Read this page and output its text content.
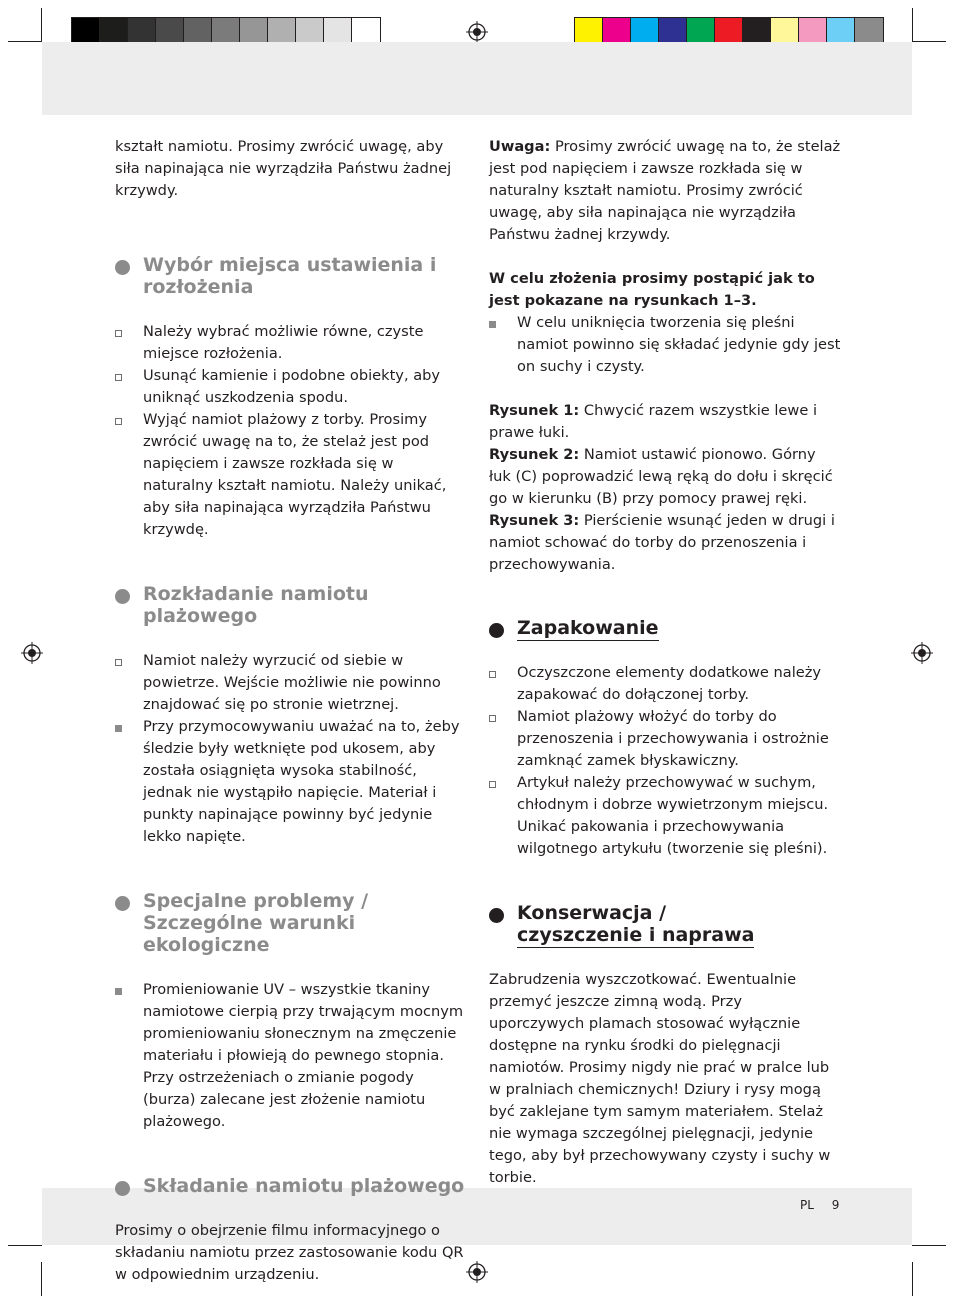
kształt namiotu. Prosimy zwrócić uwagę, aby siła napinająca nie wyrządziła Państwu żadnej krzywdy.

Wybór miejsca ustawienia i rozłożenia
Należy wybrać możliwie równe, czyste miejsce rozłożenia.
Usunąć kamienie i podobne obiekty, aby uniknąć uszkodzenia spodu.
Wyjąć namiot plażowy z torby. Prosimy zwrócić uwagę na to, że stelaż jest pod napięciem i zawsze rozkłada się w naturalny kształt namiotu. Należy unikać, aby siła napinająca wyrządziła Państwu krzywdę.
Rozkładanie namiotu
plażowego
Namiot należy wyrzucić od siebie w powietrze. Wejście możliwie nie powinno znajdować się po stronie wietrznej.
Przy przymocowywaniu uważać na to, żeby śledzie były wetknięte pod ukosem, aby została osiągnięta wysoka stabilność, jednak nie wystąpiło napięcie. Materiał i punkty napinające powinny być jedynie lekko napięte.
Specjalne problemy /
Szczególne warunki ekologiczne
Promieniowanie UV – wszystkie tkaniny namiotowe cierpią przy trwającym mocnym promieniowaniu słonecznym na zmęczenie materiału i płowieją do pewnego stopnia. Przy ostrzeżeniach o zmianie pogody (burza) zalecane jest złożenie namiotu plażowego.
Składanie namiotu plażowego

Prosimy o obejrzenie filmu informacyjnego o składaniu namiotu przez zastosowanie kodu QR w odpowiednim urządzeniu.

Uwaga: Prosimy zwrócić uwagę na to, że stelaż jest pod napięciem i zawsze rozkłada się w naturalny kształt namiotu. Prosimy zwrócić uwagę, aby siła napinająca nie wyrządziła Państwu żadnej krzywdy.

W celu złożenia prosimy postąpić jak to jest pokazane na rysunkach 1–3.

W celu uniknięcia tworzenia się pleśni namiot powinno się składać jedynie gdy jest on suchy i czysty.

Rysunek 1: Chwycić razem wszystkie lewe i prawe łuki.

Rysunek 2: Namiot ustawić pionowo. Górny łuk (C) poprowadzić lewą ręką do dołu i skręcić go w kierunku (B) przy pomocy prawej ręki.

Rysunek 3: Pierścienie wsunąć jeden w drugi i namiot schować do torby do przenoszenia i przechowywania.

Zapakowanie
Oczyszczone elementy dodatkowe należy zapakować do dołączonej torby.
Namiot plażowy włożyć do torby do przenoszenia i przechowywania i ostrożnie zamknąć zamek błyskawiczny.
Artykuł należy przechowywać w suchym, chłodnym i dobrze wywietrzonym miejscu. Unikać pakowania i przechowywania wilgotnego artykułu (tworzenie się pleśni).
Konserwacja /
czyszczenie i naprawa

Zabrudzenia wyszczotkować. Ewentualnie przemyć jeszcze zimną wodą. Przy uporczywych plamach stosować wyłącznie dostępne na rynku środki do pielęgnacji namiotów. Prosimy nigdy nie prać w pralce lub w pralniach chemicznych! Dziury i rysy mogą być zaklejane tym samym materiałem. Stelaż nie wymaga szczególnej pielęgnacji, jedynie tego, aby był przechowywany czysty i suchy w torbie.

PL 9
